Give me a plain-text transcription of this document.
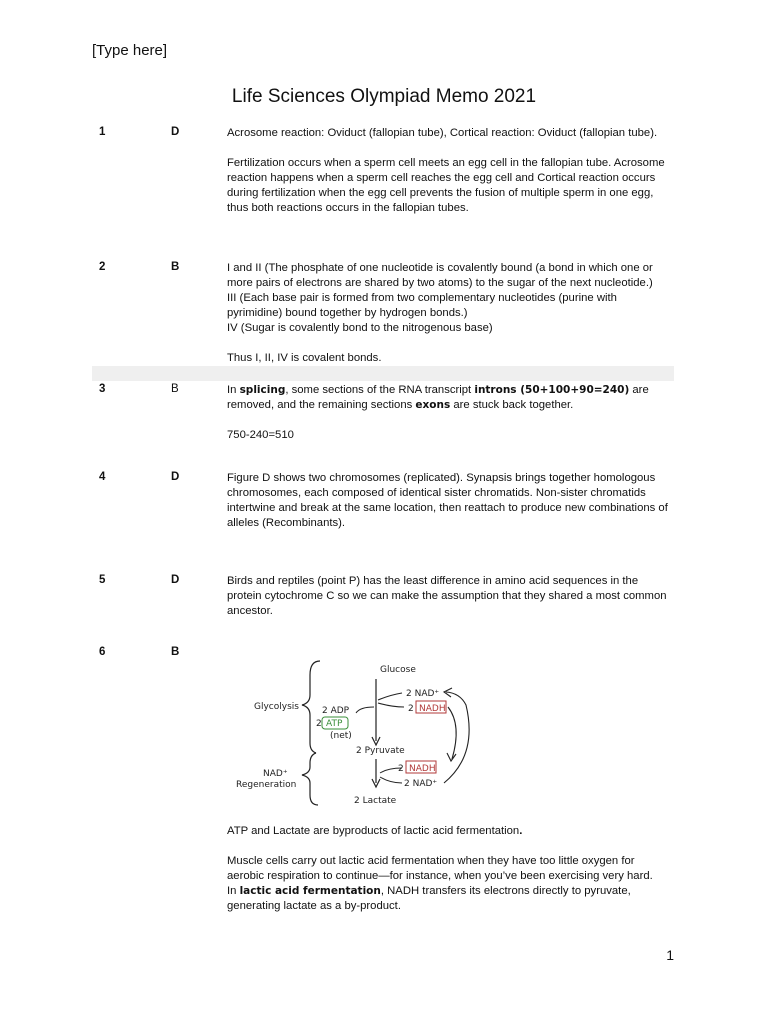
[Type here]
Life Sciences Olympiad Memo 2021
1	D	Acrosome reaction: Oviduct (fallopian tube), Cortical reaction: Oviduct (fallopian tube).

Fertilization occurs when a sperm cell meets an egg cell in the fallopian tube. Acrosome reaction happens when a sperm cell reaches the egg cell and Cortical reaction occurs during fertilization when the egg cell prevents the fusion of multiple sperm in one egg, thus both reactions occurs in the fallopian tubes.

2	B	I and II (The phosphate of one nucleotide is covalently bound (a bond in which one or more pairs of electrons are shared by two atoms) to the sugar of the next nucleotide.)
III (Each base pair is formed from two complementary nucleotides (purine with pyrimidine) bound together by hydrogen bonds.)
IV (Sugar is covalently bond to the nitrogenous base)

Thus I, II, IV is covalent bonds.

3	B	In splicing, some sections of the RNA transcript introns (50+100+90=240) are removed, and the remaining sections exons are stuck back together.

750-240=510

4	D	Figure D shows two chromosomes (replicated). Synapsis brings together homologous chromosomes, each composed of identical sister chromatids. Non-sister chromatids intertwine and break at the same location, then reattach to produce new combinations of alleles (Recombinants).

5	D	Birds and reptiles (point P) has the least difference in amino acid sequences in the protein cytochrome C so we can make the assumption that they shared a most common ancestor.

6	B
Glucose
Glycolysis
NAD⁺
Regeneration
2 ADP
2 ATP
(net)
2 NAD⁺
2 NADH
2 Pyruvate
2 NADH
2 NAD⁺
2 Lactate

ATP and Lactate are byproducts of lactic acid fermentation.

Muscle cells carry out lactic acid fermentation when they have too little oxygen for aerobic respiration to continue—for instance, when you’ve been exercising very hard.

In lactic acid fermentation, NADH transfers its electrons directly to pyruvate, generating lactate as a by-product.

1
